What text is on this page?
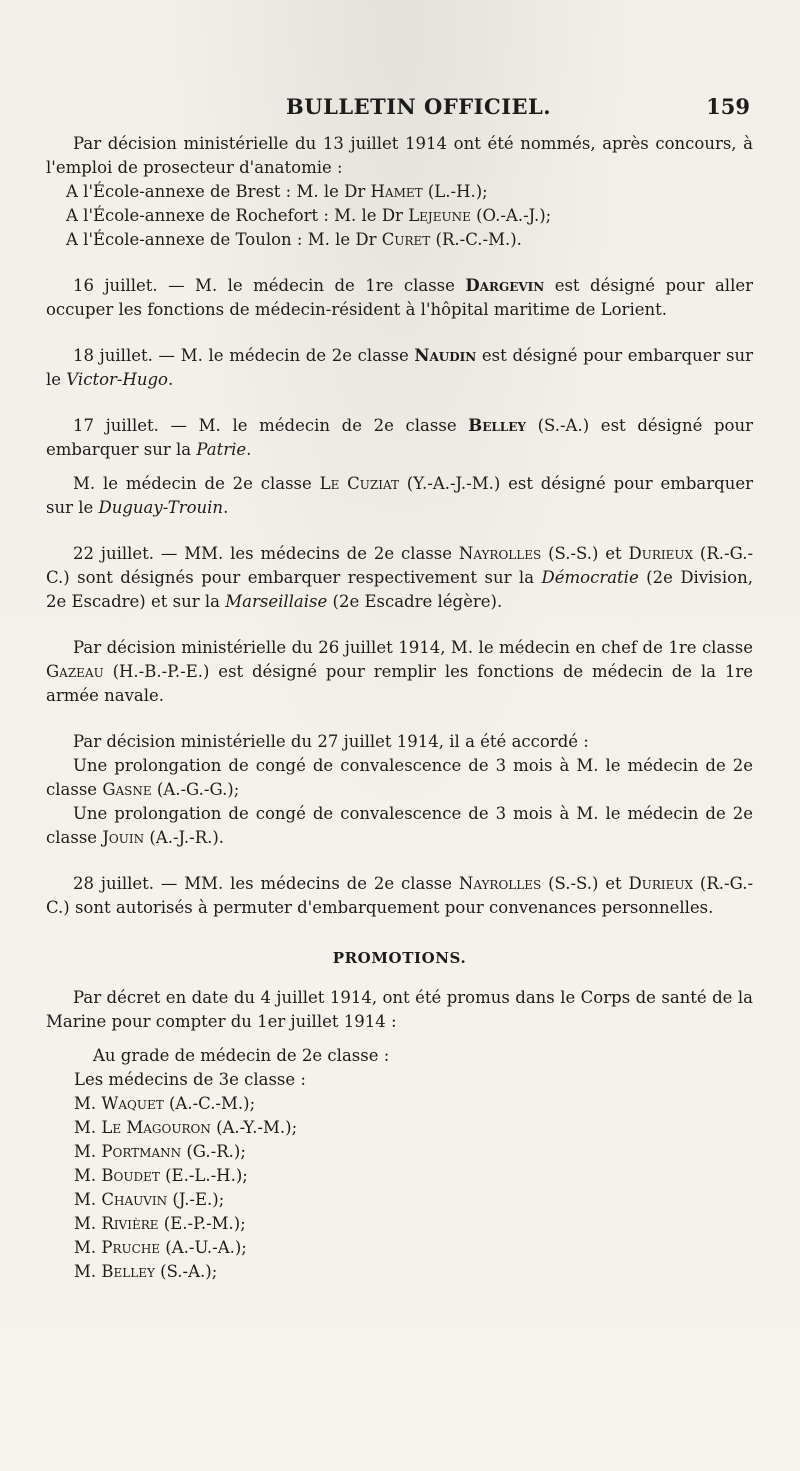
BULLETIN OFFICIEL.	159

Par décision ministérielle du 13 juillet 1914 ont été nommés, après concours, à l'emploi de prosecteur d'anatomie :

A l'École-annexe de Brest : M. le Dr Hamet (L.-H.);

A l'École-annexe de Rochefort : M. le Dr Lejeune (O.-A.-J.);

A l'École-annexe de Toulon : M. le Dr Curet (R.-C.-M.).

16 juillet. — M. le médecin de 1re classe Dargevin est désigné pour aller occuper les fonctions de médecin-résident à l'hôpital maritime de Lorient.

18 juillet. — M. le médecin de 2e classe Naudin est désigné pour embarquer sur le Victor-Hugo.

17 juillet. — M. le médecin de 2e classe Belley (S.-A.) est désigné pour embarquer sur la Patrie.

M. le médecin de 2e classe Le Cuziat (Y.-A.-J.-M.) est désigné pour embarquer sur le Duguay-Trouin.

22 juillet. — MM. les médecins de 2e classe Nayrolles (S.-S.) et Durieux (R.-G.-C.) sont désignés pour embarquer respectivement sur la Démocratie (2e Division, 2e Escadre) et sur la Marseillaise (2e Escadre légère).

Par décision ministérielle du 26 juillet 1914, M. le médecin en chef de 1re classe Gazeau (H.-B.-P.-E.) est désigné pour remplir les fonctions de médecin de la 1re armée navale.

Par décision ministérielle du 27 juillet 1914, il a été accordé :

Une prolongation de congé de convalescence de 3 mois à M. le médecin de 2e classe Gasne (A.-G.-G.);

Une prolongation de congé de convalescence de 3 mois à M. le médecin de 2e classe Jouin (A.-J.-R.).

28 juillet. — MM. les médecins de 2e classe Nayrolles (S.-S.) et Durieux (R.-G.-C.) sont autorisés à permuter d'embarquement pour convenances personnelles.

PROMOTIONS.

Par décret en date du 4 juillet 1914, ont été promus dans le Corps de santé de la Marine pour compter du 1er juillet 1914 :

Au grade de médecin de 2e classe :

Les médecins de 3e classe :

M. Waquet (A.-C.-M.);
M. Le Magouron (A.-Y.-M.);
M. Portmann (G.-R.);
M. Boudet (E.-L.-H.);
M. Chauvin (J.-E.);
M. Rivière (E.-P.-M.);
M. Pruche (A.-U.-A.);
M. Belley (S.-A.);
